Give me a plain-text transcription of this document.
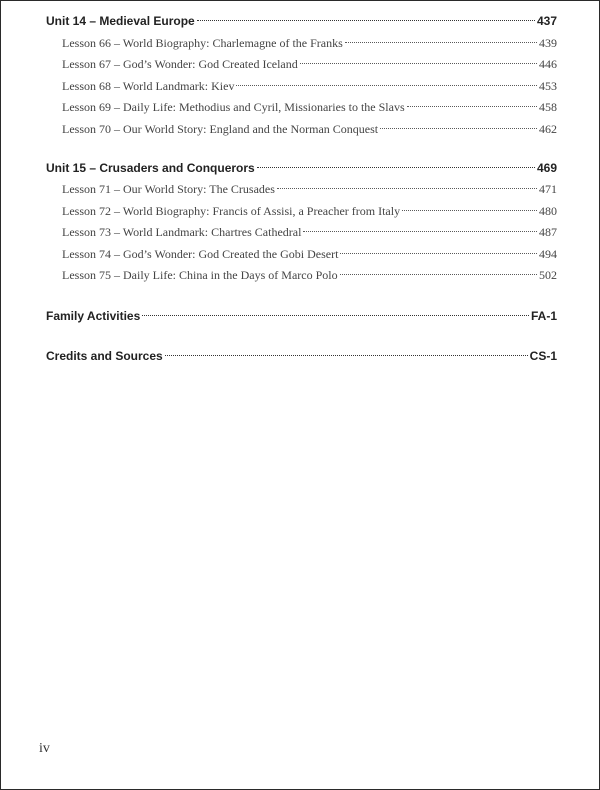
Unit 14 – Medieval Europe	437
Lesson 66 – World Biography: Charlemagne of the Franks	439
Lesson 67 – God’s Wonder: God Created Iceland	446
Lesson 68 – World Landmark: Kiev	453
Lesson 69 – Daily Life: Methodius and Cyril, Missionaries to the Slavs	458
Lesson 70 – Our World Story: England and the Norman Conquest	462
Unit 15 – Crusaders and Conquerors	469
Lesson 71 – Our World Story: The Crusades	471
Lesson 72 – World Biography: Francis of Assisi, a Preacher from Italy	480
Lesson 73 – World Landmark: Chartres Cathedral	487
Lesson 74 – God’s Wonder: God Created the Gobi Desert	494
Lesson 75 – Daily Life: China in the Days of Marco Polo	502
Family Activities	FA-1
Credits and Sources	CS-1
iv
